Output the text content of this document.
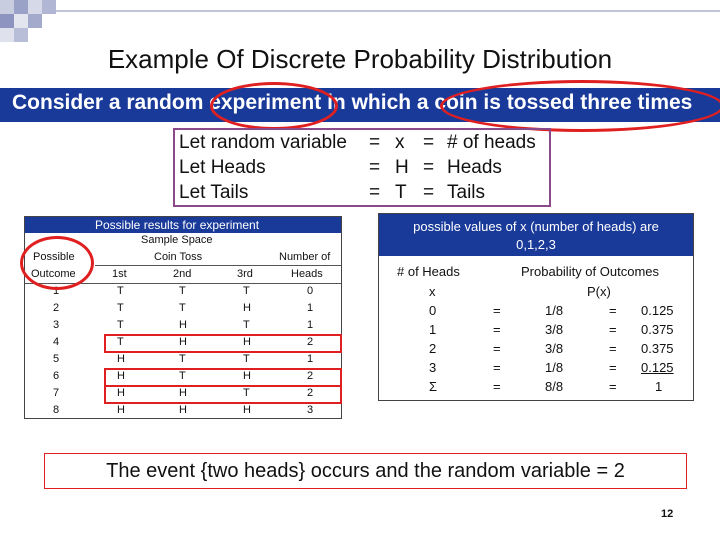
Example Of Discrete Probability Distribution
Consider a random experiment in which a coin is tossed three times
Let random variable = x = # of heads
Let Heads	= H = Heads
Let Tails	= T = Tails
Possible results for experiment
Sample Space
Possible	Coin Toss	Number of
Outcome	1st	2nd	3rd	Heads
1	T	T	T	0
2	T	T	H	1
3	T	H	T	1
4	T	H	H	2
5	H	T	T	1
6	H	T	H	2
7	H	H	T	2
8	H	H	H	3
possible values of x (number of heads) are
0,1,2,3
# of Heads	Probability of Outcomes
x	P(x)
0	=	1/8	= 0.125
1	=	3/8	= 0.375
2	=	3/8	= 0.375
3	=	1/8	= 0.125
Σ	=	8/8	=	1
The event {two heads} occurs and the random variable = 2
12
